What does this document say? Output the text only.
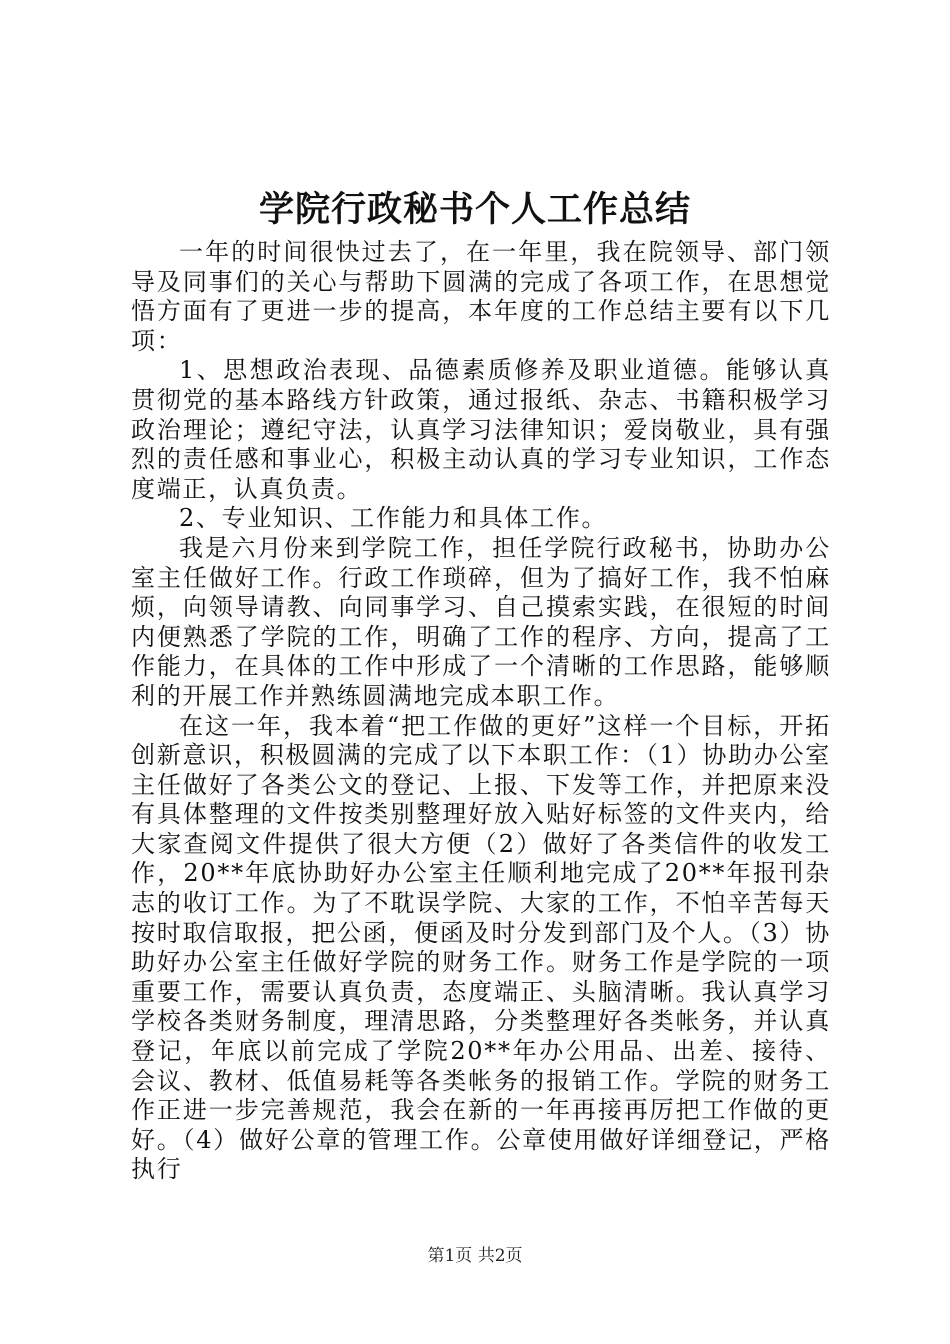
学院行政秘书个人工作总结

一年的时间很快过去了，在一年里，我在院领导、部门领导及同事们的关心与帮助下圆满的完成了各项工作，在思想觉悟方面有了更进一步的提高，本年度的工作总结主要有以下几项：

1、思想政治表现、品德素质修养及职业道德。能够认真贯彻党的基本路线方针政策，通过报纸、杂志、书籍积极学习政治理论；遵纪守法，认真学习法律知识；爱岗敬业，具有强烈的责任感和事业心，积极主动认真的学习专业知识，工作态度端正，认真负责。

2、专业知识、工作能力和具体工作。

我是六月份来到学院工作，担任学院行政秘书，协助办公室主任做好工作。行政工作琐碎，但为了搞好工作，我不怕麻烦，向领导请教、向同事学习、自己摸索实践，在很短的时间内便熟悉了学院的工作，明确了工作的程序、方向，提高了工作能力，在具体的工作中形成了一个清晰的工作思路，能够顺利的开展工作并熟练圆满地完成本职工作。

在这一年，我本着“把工作做的更好”这样一个目标，开拓创新意识，积极圆满的完成了以下本职工作：（1）协助办公室主任做好了各类公文的登记、上报、下发等工作，并把原来没有具体整理的文件按类别整理好放入贴好标签的文件夹内，给大家查阅文件提供了很大方便（2）做好了各类信件的收发工作，20**年底协助好办公室主任顺利地完成了20**年报刊杂志的收订工作。为了不耽误学院、大家的工作，不怕辛苦每天按时取信取报，把公函，便函及时分发到部门及个人。（3）协助好办公室主任做好学院的财务工作。财务工作是学院的一项重要工作，需要认真负责，态度端正、头脑清晰。我认真学习学校各类财务制度，理清思路，分类整理好各类帐务，并认真登记，年底以前完成了学院20**年办公用品、出差、接待、会议、教材、低值易耗等各类帐务的报销工作。学院的财务工作正进一步完善规范，我会在新的一年再接再厉把工作做的更好。（4）做好公章的管理工作。公章使用做好详细登记，严格执行

第1页 共2页
